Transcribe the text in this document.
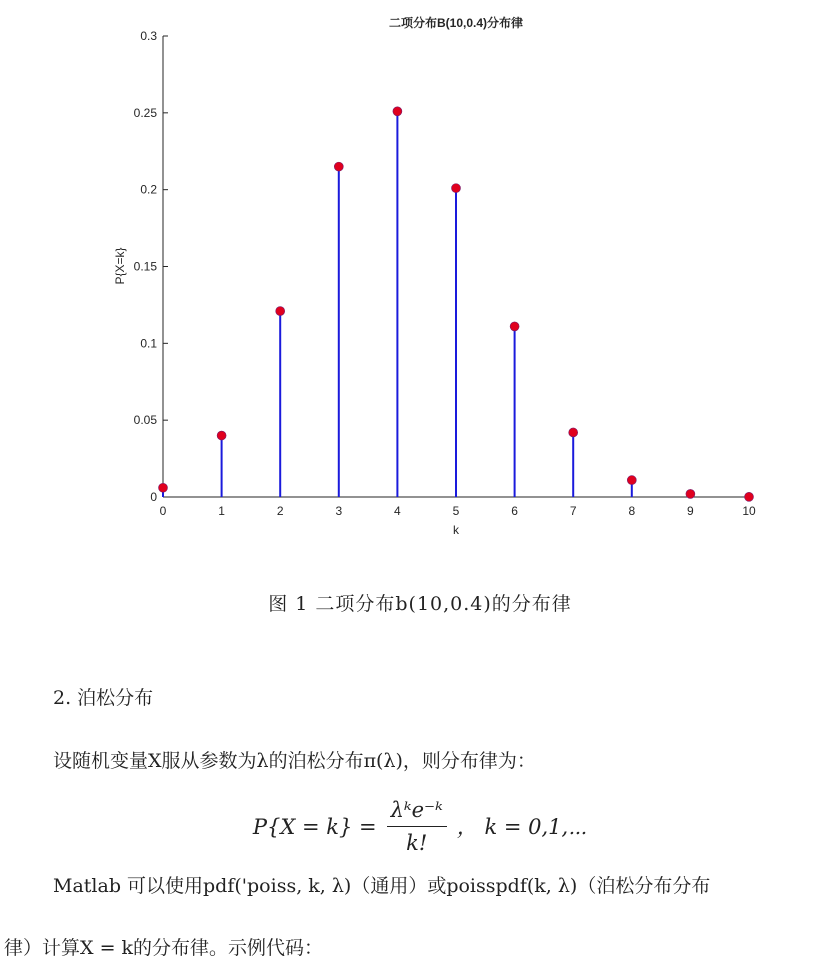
二项分布B(10,0.4)分布律
P{X=k}
k
0
0.05
0.1
0.15
0.2
0.25
0.3
0	1	2	3	4	5	6	7	8	9	10
图 1 二项分布b(10,0.4)的分布律
2. 泊松分布
设随机变量X服从参数为λ的泊松分布π(λ)，则分布律为：
$P\{X = k\} = \frac{\text{λᵏe⁻ᵏ}}{k!}$ ， k = 0,1,⋯
Matlab 可以使用pdf('poiss, k, λ)（通用）或poisspdf(k, λ)（泊松分布分布
律）计算X = k的分布律。示例代码：
